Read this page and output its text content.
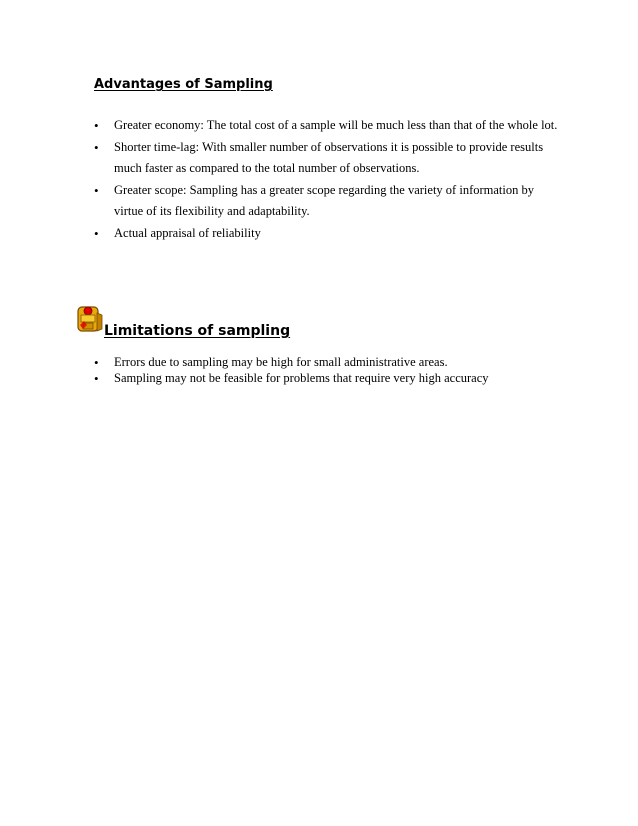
Advantages of Sampling
• Greater economy: The total cost of a sample will be much less than that of the whole lot.
• Shorter time-lag: With smaller number of observations it is possible to provide results
much faster as compared to the total number of observations.
• Greater scope: Sampling has a greater scope regarding the variety of information by
virtue of its flexibility and adaptability.
• Actual appraisal of reliability
Limitations of sampling
• Errors due to sampling may be high for small administrative areas.
• Sampling may not be feasible for problems that require very high accuracy
